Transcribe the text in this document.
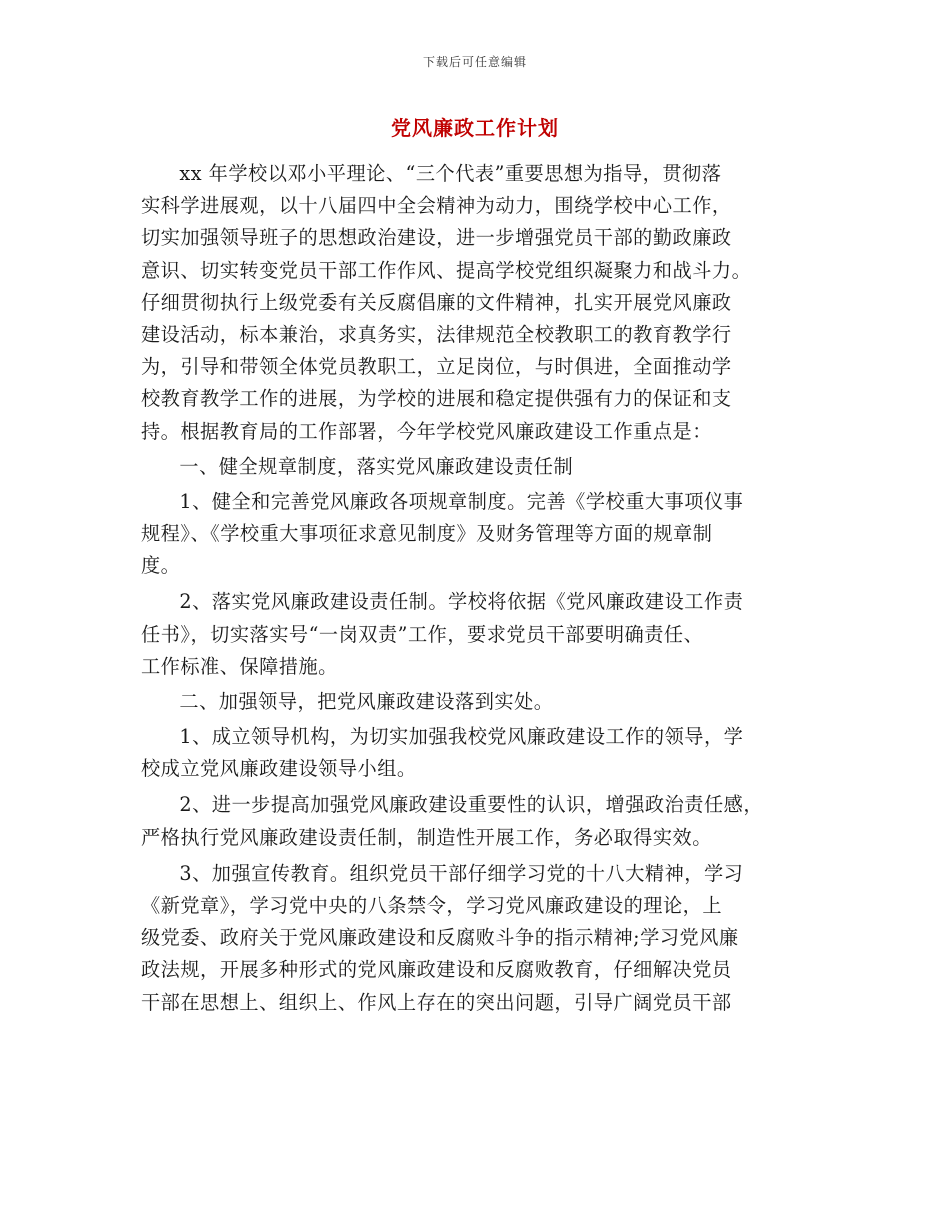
下载后可任意编辑
党风廉政工作计划
xx 年学校以邓小平理论、“三个代表”重要思想为指导，贯彻落
实科学进展观，以十八届四中全会精神为动力，围绕学校中心工作，
切实加强领导班子的思想政治建设，进一步增强党员干部的勤政廉政
意识、切实转变党员干部工作作风、提高学校党组织凝聚力和战斗力。
仔细贯彻执行上级党委有关反腐倡廉的文件精神，扎实开展党风廉政
建设活动，标本兼治，求真务实，法律规范全校教职工的教育教学行
为，引导和带领全体党员教职工，立足岗位，与时俱进，全面推动学
校教育教学工作的进展，为学校的进展和稳定提供强有力的保证和支
持。根据教育局的工作部署，今年学校党风廉政建设工作重点是：
一、健全规章制度，落实党风廉政建设责任制
1、健全和完善党风廉政各项规章制度。完善《学校重大事项仪事
规程》、《学校重大事项征求意见制度》及财务管理等方面的规章制
度。
2、落实党风廉政建设责任制。学校将依据《党风廉政建设工作责
任书》，切实落实号“一岗双责”工作，要求党员干部要明确责任、
工作标准、保障措施。
二、加强领导，把党风廉政建设落到实处。
1、成立领导机构，为切实加强我校党风廉政建设工作的领导，学
校成立党风廉政建设领导小组。
2、进一步提高加强党风廉政建设重要性的认识，增强政治责任感，
严格执行党风廉政建设责任制，制造性开展工作，务必取得实效。
3、加强宣传教育。组织党员干部仔细学习党的十八大精神，学习
《新党章》，学习党中央的八条禁令，学习党风廉政建设的理论，上
级党委、政府关于党风廉政建设和反腐败斗争的指示精神;学习党风廉
政法规，开展多种形式的党风廉政建设和反腐败教育，仔细解决党员
干部在思想上、组织上、作风上存在的突出问题，引导广阔党员干部
